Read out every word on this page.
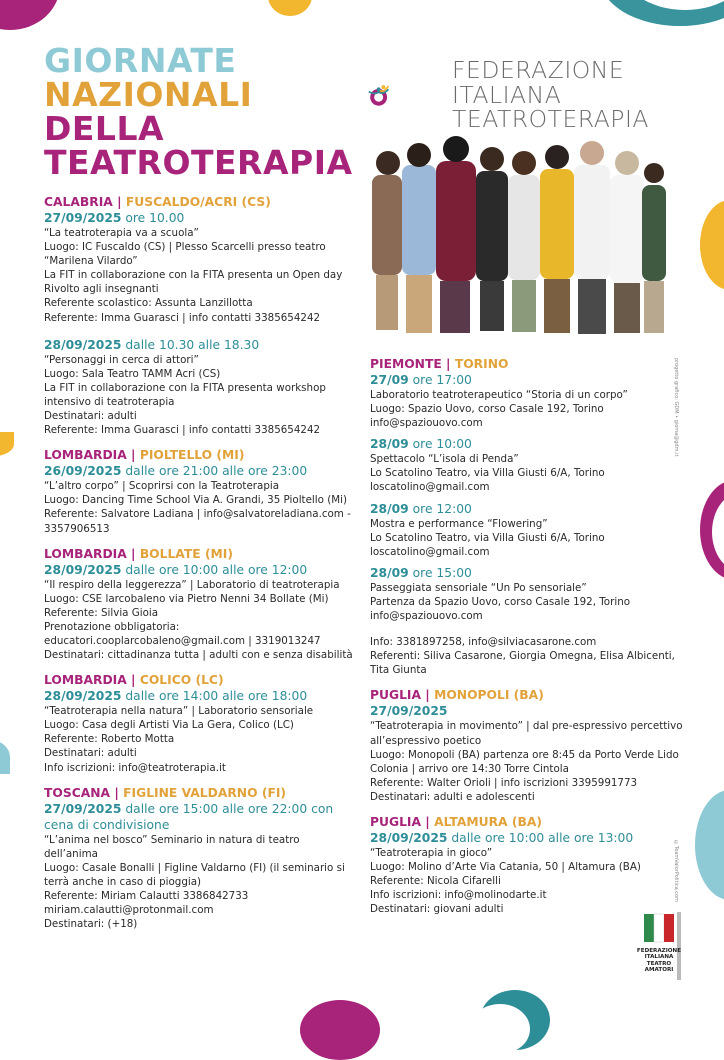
GIORNATE
NAZIONALI
DELLA
TEATROTERAPIA
FEDERAZIONE
ITALIANA
TEATROTERAPIA
progetto grafico: GDM • gioma@gdm.it
©TeamValorPolitica.com
CALABRIA | FUSCALDO/ACRI (CS)
27/09/2025 ore 10.00
“La teatroterapia va a scuola”
Luogo: IC Fuscaldo (CS) | Plesso Scarcelli presso teatro
“Marilena Vilardo”
La FIT in collaborazione con la FITA presenta un Open day
Rivolto agli insegnanti
Referente scolastico: Assunta Lanzillotta
Referente: Imma Guarasci | info contatti 3385654242
28/09/2025 dalle 10.30 alle 18.30
“Personaggi in cerca di attori”
Luogo: Sala Teatro TAMM Acri (CS)
La FIT in collaborazione con la FITA presenta workshop
intensivo di teatroterapia
Destinatari: adulti
Referente: Imma Guarasci | info contatti 3385654242
LOMBARDIA | PIOLTELLO (MI)
26/09/2025 dalle ore 21:00 alle ore 23:00
“L’altro corpo” | Scoprirsi con la Teatroterapia
Luogo: Dancing Time School Via A. Grandi, 35 Pioltello (Mi)
Referente: Salvatore Ladiana | info@salvatoreladiana.com -
3357906513
LOMBARDIA | BOLLATE (MI)
28/09/2025 dalle ore 10:00 alle ore 12:00
“Il respiro della leggerezza” | Laboratorio di teatroterapia
Luogo: CSE larcobaleno via Pietro Nenni 34 Bollate (Mi)
Referente: Silvia Gioia
Prenotazione obbligatoria:
educatori.cooplarcobaleno@gmail.com | 3319013247
Destinatari: cittadinanza tutta | adulti con e senza disabilità
LOMBARDIA | COLICO (LC)
28/09/2025 dalle ore 14:00 alle ore 18:00
“Teatroterapia nella natura” | Laboratorio sensoriale
Luogo: Casa degli Artisti Via La Gera, Colico (LC)
Referente: Roberto Motta
Destinatari: adulti
Info iscrizioni: info@teatroterapia.it
TOSCANA | FIGLINE VALDARNO (FI)
27/09/2025 dalle ore 15:00 alle ore 22:00 con
cena di condivisione
“L’anima nel bosco” Seminario in natura di teatro dell’anima
Luogo: Casale Bonalli | Figline Valdarno (FI) (il seminario si
terrà anche in caso di pioggia)
Referente: Miriam Calautti 3386842733
miriam.calautti@protonmail.com
Destinatari: (+18)
PIEMONTE | TORINO
27/09 ore 17:00
Laboratorio teatroterapeutico “Storia di un corpo”
Luogo: Spazio Uovo, corso Casale 192, Torino
info@spaziouovo.com
28/09 ore 10:00
Spettacolo “L’isola di Penda”
Lo Scatolino Teatro, via Villa Giusti 6/A, Torino
loscatolino@gmail.com
28/09 ore 12:00
Mostra e performance “Flowering”
Lo Scatolino Teatro, via Villa Giusti 6/A, Torino
loscatolino@gmail.com
28/09 ore 15:00
Passeggiata sensoriale “Un Po sensoriale”
Partenza da Spazio Uovo, corso Casale 192, Torino
info@spaziouovo.com
Info: 3381897258, info@silviacasarone.com
Referenti: Siliva Casarone, Giorgia Omegna, Elisa Albicenti,
Tita Giunta
PUGLIA | MONOPOLI (BA)
27/09/2025
“Teatroterapia in movimento” | dal pre-espressivo percettivo
all’espressivo poetico
Luogo: Monopoli (BA) partenza ore 8:45 da Porto Verde Lido
Colonia | arrivo ore 14:30 Torre Cintola
Referente: Walter Orioli | info iscrizioni 3395991773
Destinatari: adulti e adolescenti
PUGLIA | ALTAMURA (BA)
28/09/2025 dalle ore 10:00 alle ore 13:00
“Teatroterapia in gioco”
Luogo: Molino d’Arte Via Catania, 50 | Altamura (BA)
Referente: Nicola Cifarelli
Info iscrizioni: info@molinodarte.it
Destinatari: giovani adulti
FEDERAZIONE
ITALIANA
TEATRO
AMATORI
